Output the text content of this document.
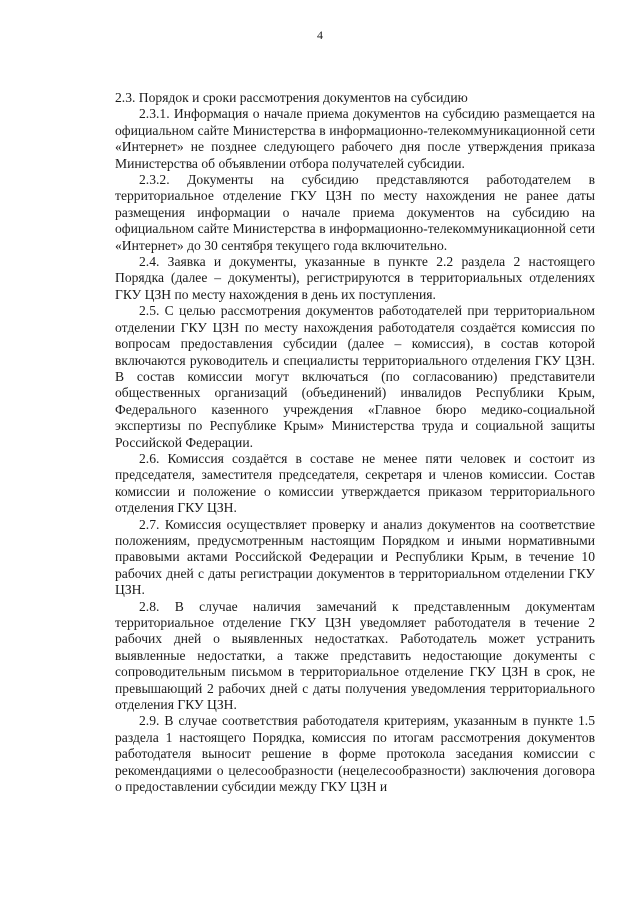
4

2.3. Порядок и сроки рассмотрения документов на субсидию

2.3.1. Информация о начале приема документов на субсидию размещается на официальном сайте Министерства в информационно-телекоммуникационной сети «Интернет» не позднее следующего рабочего дня после утверждения приказа Министерства об объявлении отбора получателей субсидии.

2.3.2. Документы на субсидию представляются работодателем в территориальное отделение ГКУ ЦЗН по месту нахождения не ранее даты размещения информации о начале приема документов на субсидию на официальном сайте Министерства в информационно-телекоммуникационной сети «Интернет» до 30 сентября текущего года включительно.

2.4. Заявка и документы, указанные в пункте 2.2 раздела 2 настоящего Порядка (далее – документы), регистрируются в территориальных отделениях ГКУ ЦЗН по месту нахождения в день их поступления.

2.5. С целью рассмотрения документов работодателей при территориальном отделении ГКУ ЦЗН по месту нахождения работодателя создаётся комиссия по вопросам предоставления субсидии (далее – комиссия), в состав которой включаются руководитель и специалисты территориального отделения ГКУ ЦЗН. В состав комиссии могут включаться (по согласованию) представители общественных организаций (объединений) инвалидов Республики Крым, Федерального казенного учреждения «Главное бюро медико-социальной экспертизы по Республике Крым» Министерства труда и социальной защиты Российской Федерации.

2.6. Комиссия создаётся в составе не менее пяти человек и состоит из председателя, заместителя председателя, секретаря и членов комиссии. Состав комиссии и положение о комиссии утверждается приказом территориального отделения ГКУ ЦЗН.

2.7. Комиссия осуществляет проверку и анализ документов на соответствие положениям, предусмотренным настоящим Порядком и иными нормативными правовыми актами Российской Федерации и Республики Крым, в течение 10 рабочих дней с даты регистрации документов в территориальном отделении ГКУ ЦЗН.

2.8. В случае наличия замечаний к представленным документам территориальное отделение ГКУ ЦЗН уведомляет работодателя в течение 2 рабочих дней о выявленных недостатках. Работодатель может устранить выявленные недостатки, а также представить недостающие документы с сопроводительным письмом в территориальное отделение ГКУ ЦЗН в срок, не превышающий 2 рабочих дней с даты получения уведомления территориального отделения ГКУ ЦЗН.

2.9. В случае соответствия работодателя критериям, указанным в пункте 1.5 раздела 1 настоящего Порядка, комиссия по итогам рассмотрения документов работодателя выносит решение в форме протокола заседания комиссии с рекомендациями о целесообразности (нецелесообразности) заключения договора о предоставлении субсидии между ГКУ ЦЗН и
